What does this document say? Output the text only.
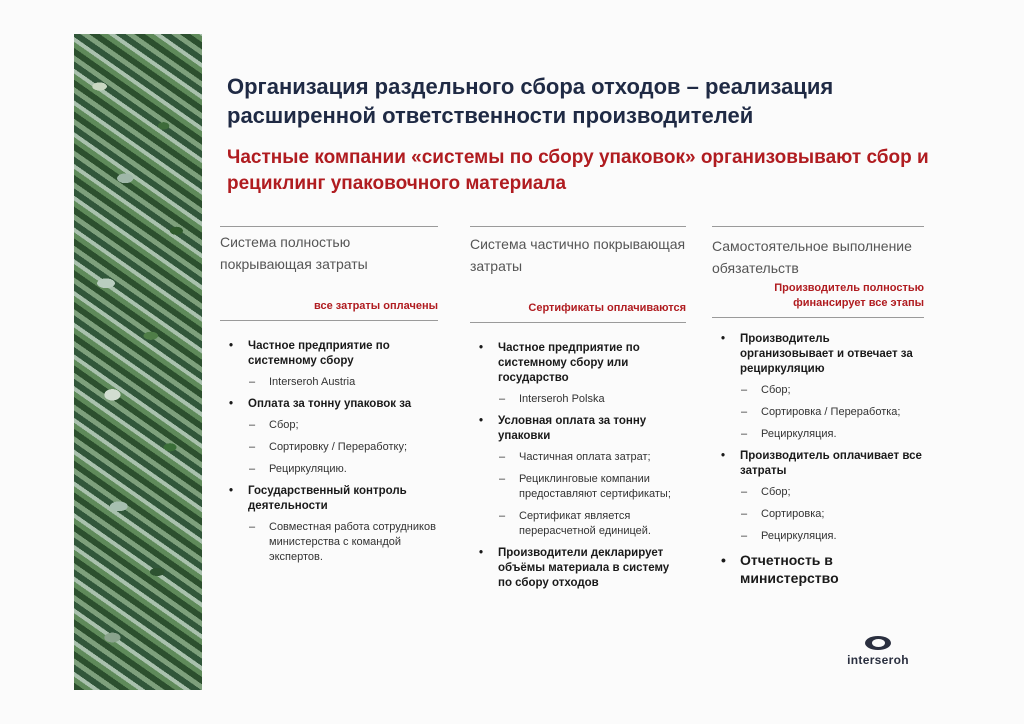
Организация раздельного сбора отходов – реализация расширенной ответственности производителей
Частные компании «системы по сбору упаковок» организовывают сбор и рециклинг упаковочного материала
Система полностью покрывающая затраты
все затраты оплачены
• Частное предприятие по системному сбору
– Interseroh Austria
• Оплата за тонну упаковок за
– Сбор;
– Сортировку / Переработку;
– Рециркуляцию.
• Государственный контроль деятельности
– Совместная работа сотрудников министерства с командой экспертов.
Система частично покрывающая затраты
Сертификаты оплачиваются
• Частное предприятие по системному сбору или государство
– Interseroh Polska
• Условная оплата за тонну упаковки
– Частичная оплата затрат;
– Рециклинговые компании предоставляют сертификаты;
– Сертификат является перерасчетной единицей.
• Производители декларирует объёмы материала в систему по сбору отходов
Самостоятельное выполнение обязательств
Производитель полностью финансирует все этапы
• Производитель организовывает и отвечает за рециркуляцию
– Сбор;
– Сортировка / Переработка;
– Рециркуляция.
• Производитель оплачивает все затраты
– Сбор;
– Сортировка;
– Рециркуляция.
• Отчетность в министерство
interseroh
